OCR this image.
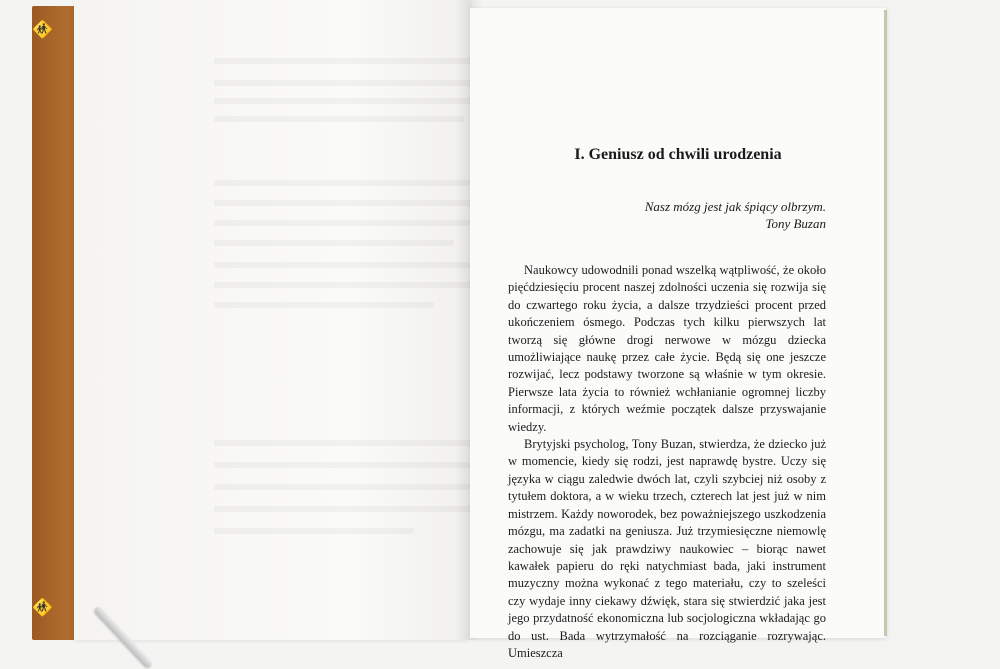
🚸
🚸
I. Geniusz od chwili urodzenia
Nasz mózg jest jak śpiący olbrzym.
Tony Buzan

Naukowcy udowodnili ponad wszelką wątpliwość, że około pięćdziesięciu procent naszej zdolności uczenia się rozwija się do czwartego roku życia, a dalsze trzydzieści procent przed ukończeniem ósmego. Podczas tych kilku pierwszych lat tworzą się główne drogi nerwowe w mózgu dziecka umożliwiające naukę przez całe życie. Będą się one jeszcze rozwijać, lecz podstawy tworzone są właśnie w tym okresie. Pierwsze lata życia to również wchłanianie ogromnej liczby informacji, z których weźmie początek dalsze przyswajanie wiedzy.

Brytyjski psycholog, Tony Buzan, stwierdza, że dziecko już w momencie, kiedy się rodzi, jest naprawdę bystre. Uczy się języka w ciągu zaledwie dwóch lat, czyli szybciej niż osoby z tytułem doktora, a w wieku trzech, czterech lat jest już w nim mistrzem. Każdy noworodek, bez poważniejszego uszkodzenia mózgu, ma zadatki na geniusza. Już trzymiesięczne niemowlę zachowuje się jak prawdziwy naukowiec – biorąc nawet kawałek papieru do ręki natychmiast bada, jaki instrument muzyczny można wykonać z tego materiału, czy to szeleści czy wydaje inny ciekawy dźwięk, stara się stwierdzić jaka jest jego przydatność ekonomiczna lub socjologiczna wkładając go do ust. Bada wytrzymałość na rozciąganie rozrywając. Umieszcza
